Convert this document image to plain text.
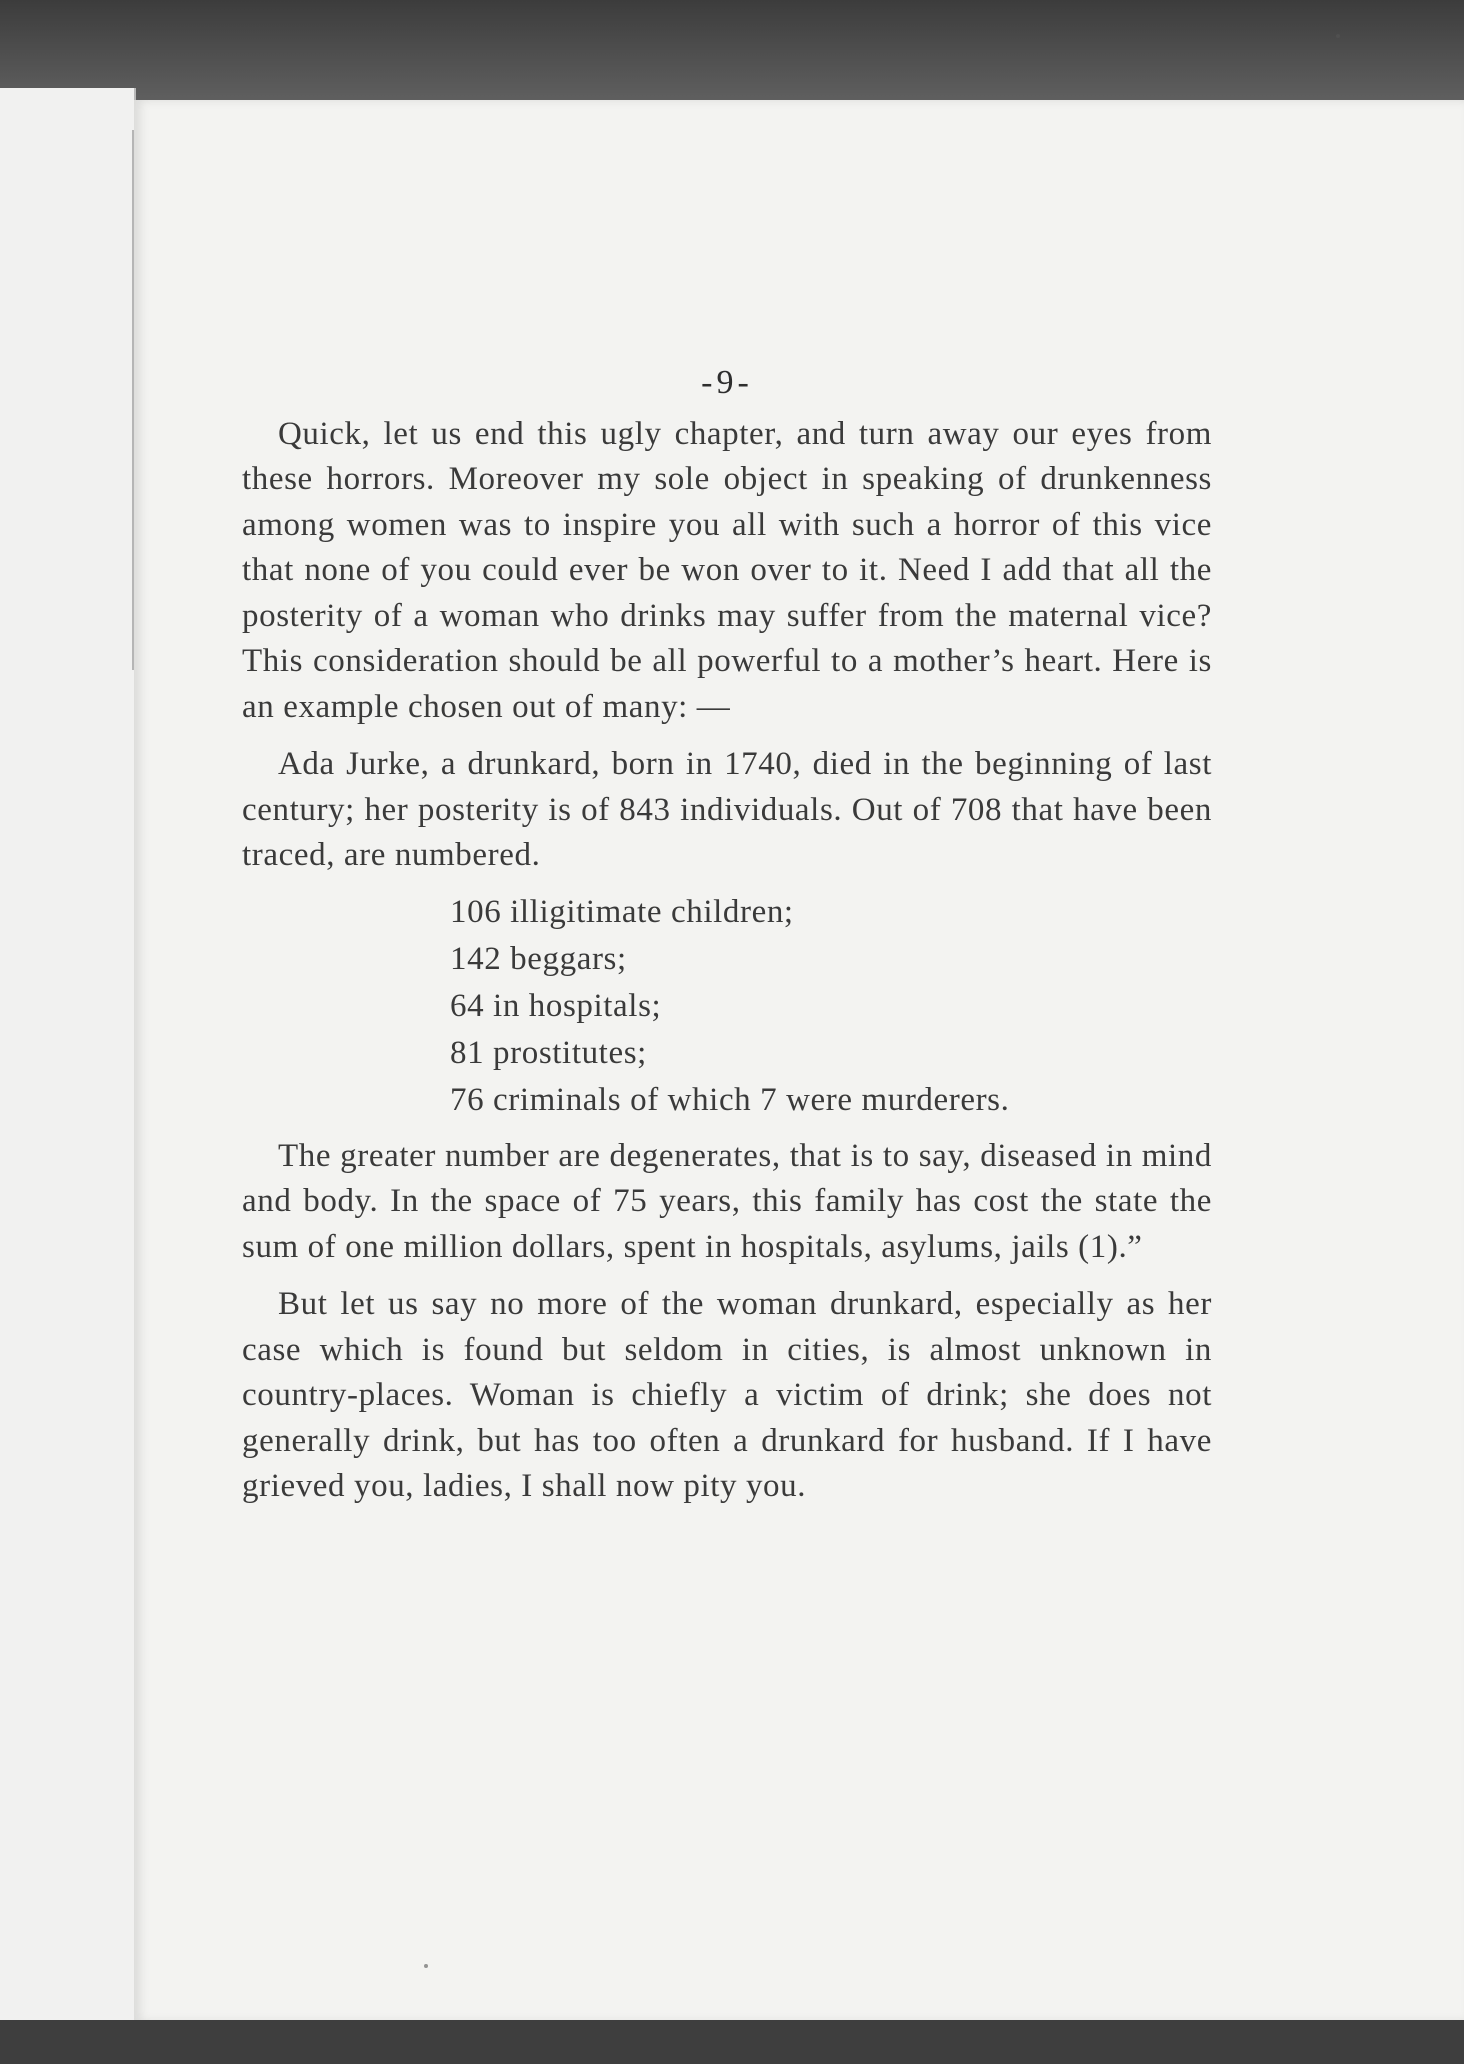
-9-

Quick, let us end this ugly chapter, and turn away our eyes from these horrors. Moreover my sole object in speaking of drunkenness among women was to inspire you all with such a horror of this vice that none of you could ever be won over to it. Need I add that all the posterity of a woman who drinks may suffer from the maternal vice? This consideration should be all powerful to a mother’s heart. Here is an example chosen out of many: —

Ada Jurke, a drunkard, born in 1740, died in the beginning of last century; her posterity is of 843 individuals. Out of 708 that have been traced, are numbered.

106 illigitimate children;
142 beggars;
64 in hospitals;
81 prostitutes;
76 criminals of which 7 were murderers.

The greater number are degenerates, that is to say, diseased in mind and body. In the space of 75 years, this family has cost the state the sum of one million dollars, spent in hospitals, asylums, jails (1).”

But let us say no more of the woman drunkard, especially as her case which is found but seldom in cities, is almost unknown in country-places. Woman is chiefly a victim of drink; she does not generally drink, but has too often a drunkard for husband. If I have grieved you, ladies, I shall now pity you.
